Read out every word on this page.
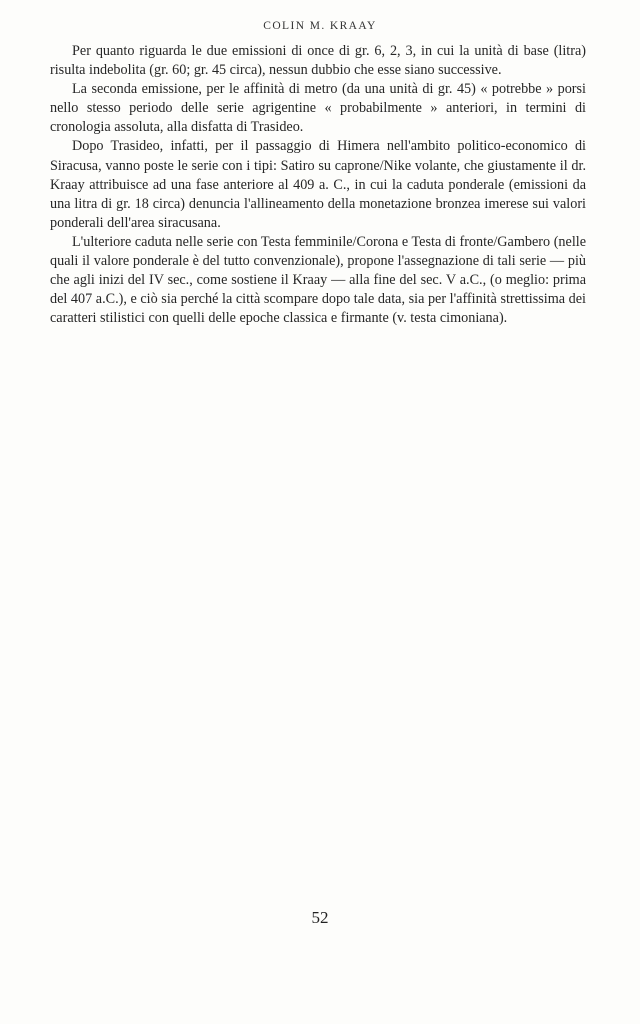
COLIN M. KRAAY

Per quanto riguarda le due emissioni di once di gr. 6, 2, 3, in cui la unità di base (litra) risulta indebolita (gr. 60; gr. 45 circa), nessun dubbio che esse siano successive.

La seconda emissione, per le affinità di metro (da una unità di gr. 45) « potrebbe » porsi nello stesso periodo delle serie agrigentine « probabilmente » anteriori, in termini di cronologia assoluta, alla disfatta di Trasideo.

Dopo Trasideo, infatti, per il passaggio di Himera nell'ambito politico-economico di Siracusa, vanno poste le serie con i tipi: Satiro su caprone/Nike volante, che giustamente il dr. Kraay attribuisce ad una fase anteriore al 409 a. C., in cui la caduta ponderale (emissioni da una litra di gr. 18 circa) denuncia l'allineamento della monetazione bronzea imerese sui valori ponderali dell'area siracusana.

L'ulteriore caduta nelle serie con Testa femminile/Corona e Testa di fronte/Gambero (nelle quali il valore ponderale è del tutto convenzionale), propone l'assegnazione di tali serie — più che agli inizi del IV sec., come sostiene il Kraay — alla fine del sec. V a.C., (o meglio: prima del 407 a.C.), e ciò sia perché la città scompare dopo tale data, sia per l'affinità strettissima dei caratteri stilistici con quelli delle epoche classica e firmante (v. testa cimoniana).

52
